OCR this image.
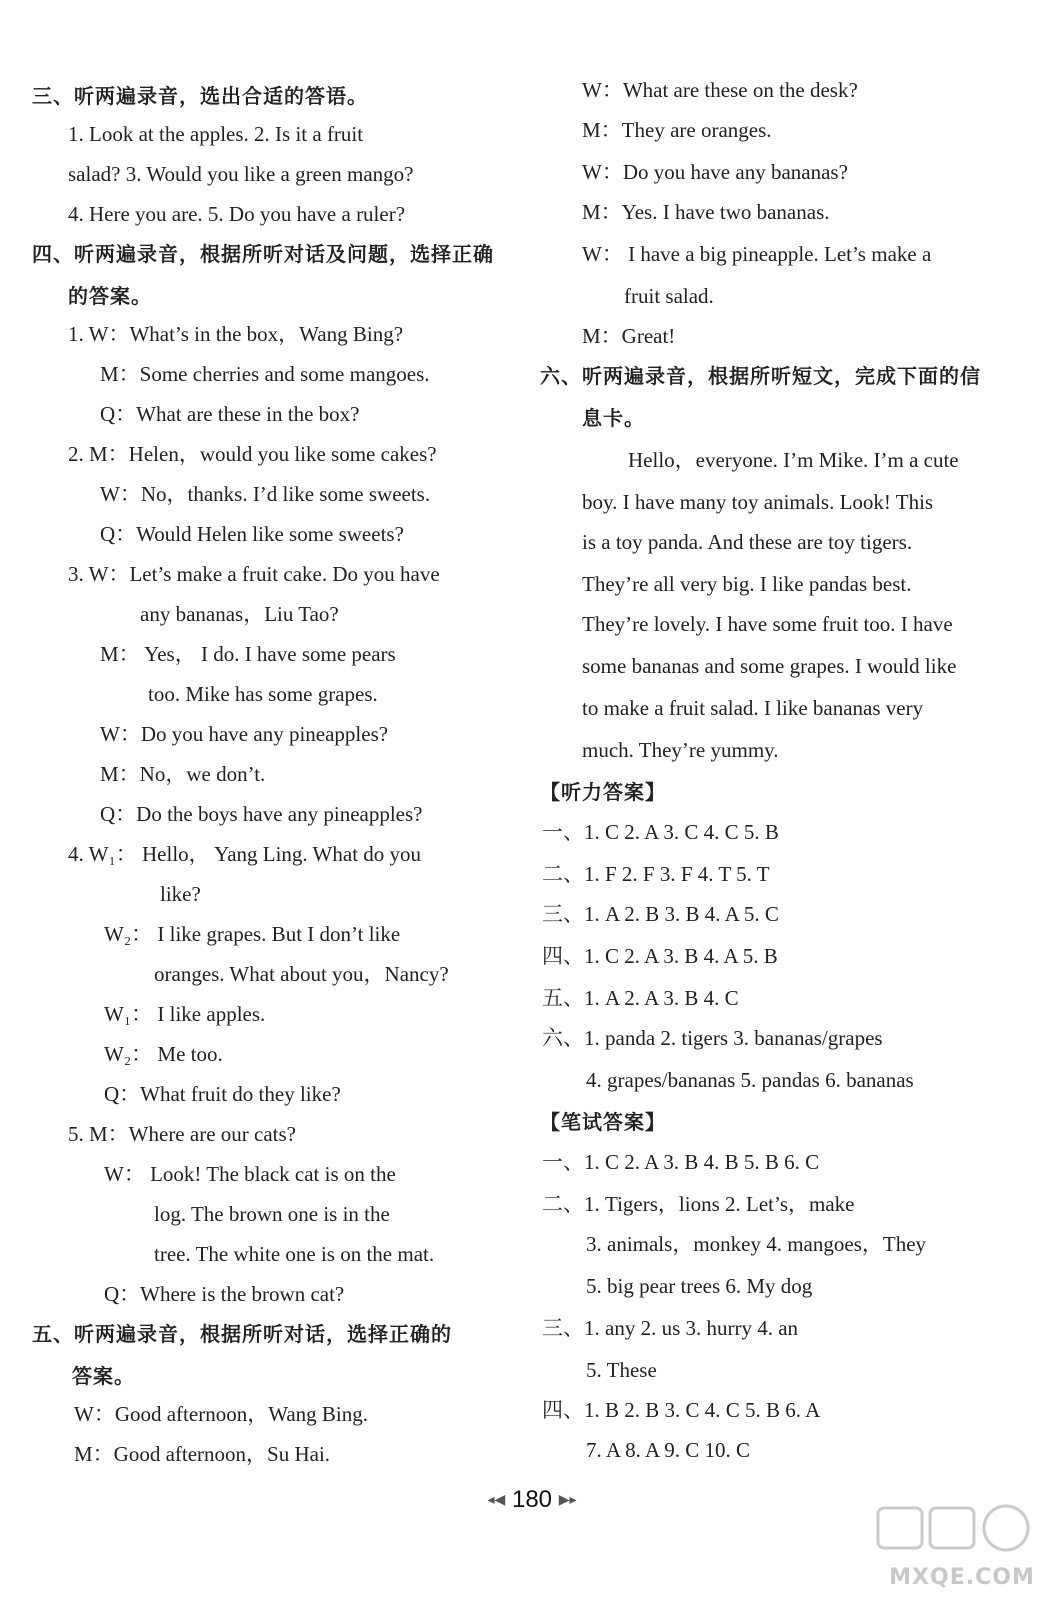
三、听两遍录音，选出合适的答语。
1. Look at the apples. 2. Is it a fruit
salad? 3. Would you like a green mango?
4. Here you are. 5. Do you have a ruler?
四、听两遍录音，根据所听对话及问题，选择正确
的答案。
1. W：What’s in the box，Wang Bing?
M：Some cherries and some mangoes.
Q：What are these in the box?
2. M：Helen，would you like some cakes?
W：No，thanks. I’d like some sweets.
Q：Would Helen like some sweets?
3. W：Let’s make a fruit cake. Do you have
any bananas，Liu Tao?
M： Yes， I do. I have some pears
too. Mike has some grapes.
W：Do you have any pineapples?
M：No，we don’t.
Q：Do the boys have any pineapples?
4. W₁： Hello， Yang Ling. What do you
like?
W₂： I like grapes. But I don’t like
oranges. What about you，Nancy?
W₁： I like apples.
W₂： Me too.
Q：What fruit do they like?
5. M：Where are our cats?
W： Look! The black cat is on the
log. The brown one is in the
tree. The white one is on the mat.
Q：Where is the brown cat?
五、听两遍录音，根据所听对话，选择正确的
答案。
W：Good afternoon，Wang Bing.
M：Good afternoon，Su Hai.
W：What are these on the desk?
M：They are oranges.
W：Do you have any bananas?
M：Yes. I have two bananas.
W： I have a big pineapple. Let’s make a
fruit salad.
M：Great!
六、听两遍录音，根据所听短文，完成下面的信
息卡。
Hello，everyone. I’m Mike. I’m a cute
boy. I have many toy animals. Look! This
is a toy panda. And these are toy tigers.
They’re all very big. I like pandas best.
They’re lovely. I have some fruit too. I have
some bananas and some grapes. I would like
to make a fruit salad. I like bananas very
much. They’re yummy.
【听力答案】
一、1. C 2. A 3. C 4. C 5. B
二、1. F 2. F 3. F 4. T 5. T
三、1. A 2. B 3. B 4. A 5. C
四、1. C 2. A 3. B 4. A 5. B
五、1. A 2. A 3. B 4. C
六、1. panda 2. tigers 3. bananas/grapes
4. grapes/bananas 5. pandas 6. bananas
【笔试答案】
一、1. C 2. A 3. B 4. B 5. B 6. C
二、1. Tigers，lions 2. Let’s，make
3. animals，monkey 4. mangoes，They
5. big pear trees 6. My dog
三、1. any 2. us 3. hurry 4. an
5. These
四、1. B 2. B 3. C 4. C 5. B 6. A
7. A 8. A 9. C 10. C
◂◀ 180 ▶▸
MXQE.COM
